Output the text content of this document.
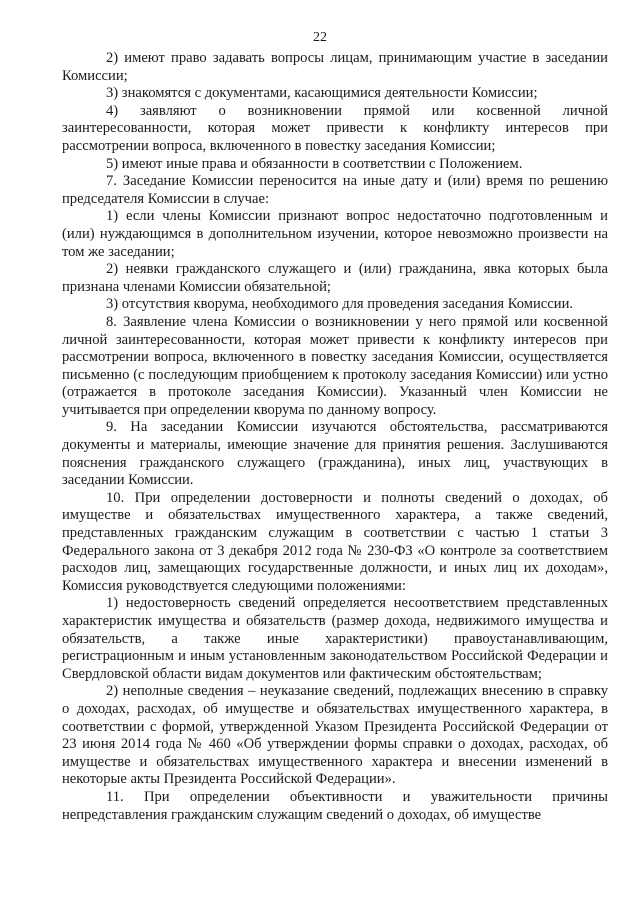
22

2) имеют право задавать вопросы лицам, принимающим участие в заседании Комиссии;

3) знакомятся с документами, касающимися деятельности Комиссии;

4) заявляют о возникновении прямой или косвенной личной заинтересованности, которая может привести к конфликту интересов при рассмотрении вопроса, включенного в повестку заседания Комиссии;

5) имеют иные права и обязанности в соответствии с Положением.

7. Заседание Комиссии переносится на иные дату и (или) время по решению председателя Комиссии в случае:

1) если члены Комиссии признают вопрос недостаточно подготовленным и (или) нуждающимся в дополнительном изучении, которое невозможно произвести на том же заседании;

2) неявки гражданского служащего и (или) гражданина, явка которых была признана членами Комиссии обязательной;

3) отсутствия кворума, необходимого для проведения заседания Комиссии.

8. Заявление члена Комиссии о возникновении у него прямой или косвенной личной заинтересованности, которая может привести к конфликту интересов при рассмотрении вопроса, включенного в повестку заседания Комиссии, осуществляется письменно (с последующим приобщением к протоколу заседания Комиссии) или устно (отражается в протоколе заседания Комиссии). Указанный член Комиссии не учитывается при определении кворума по данному вопросу.

9. На заседании Комиссии изучаются обстоятельства, рассматриваются документы и материалы, имеющие значение для принятия решения. Заслушиваются пояснения гражданского служащего (гражданина), иных лиц, участвующих в заседании Комиссии.

10. При определении достоверности и полноты сведений о доходах, об имуществе и обязательствах имущественного характера, а также сведений, представленных гражданским служащим в соответствии с частью 1 статьи 3 Федерального закона от 3 декабря 2012 года № 230-ФЗ «О контроле за соответствием расходов лиц, замещающих государственные должности, и иных лиц их доходам», Комиссия руководствуется следующими положениями:

1) недостоверность сведений определяется несоответствием представленных характеристик имущества и обязательств (размер дохода, недвижимого имущества и обязательств, а также иные характеристики) правоустанавливающим, регистрационным и иным установленным законодательством Российской Федерации и Свердловской области видам документов или фактическим обстоятельствам;

2) неполные сведения – неуказание сведений, подлежащих внесению в справку о доходах, расходах, об имуществе и обязательствах имущественного характера, в соответствии с формой, утвержденной Указом Президента Российской Федерации от 23 июня 2014 года № 460 «Об утверждении формы справки о доходах, расходах, об имуществе и обязательствах имущественного характера и внесении изменений в некоторые акты Президента Российской Федерации».

11. При определении объективности и уважительности причины непредставления гражданским служащим сведений о доходах, об имуществе
